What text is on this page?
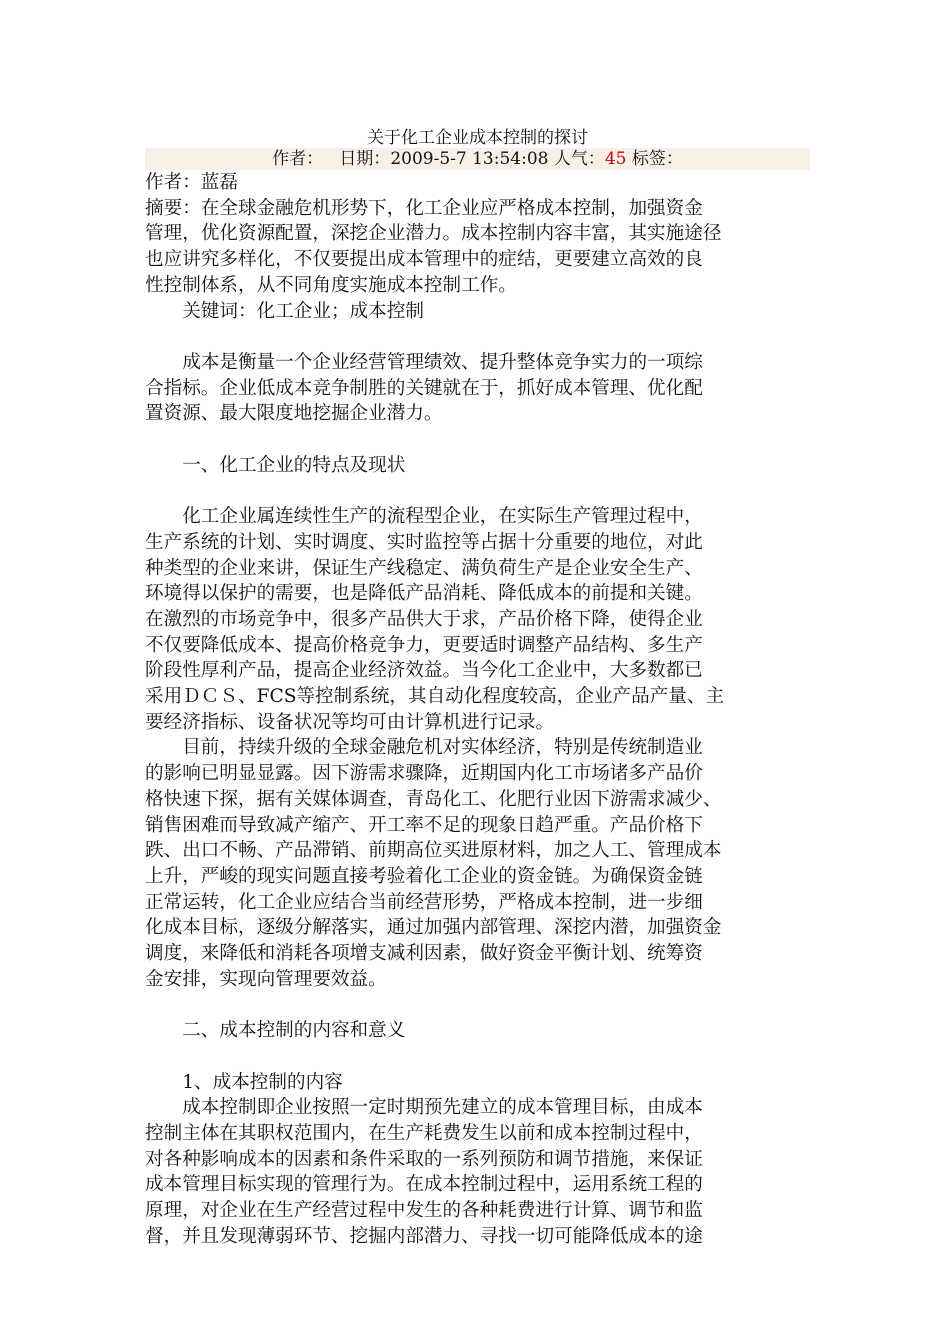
关于化工企业成本控制的探讨
作者： 日期：2009-5-7 13:54:08 人气：45 标签：
作者：蓝磊
摘要：在全球金融危机形势下，化工企业应严格成本控制，加强资金
管理，优化资源配置，深挖企业潜力。成本控制内容丰富，其实施途径
也应讲究多样化，不仅要提出成本管理中的症结，更要建立高效的良
性控制体系，从不同角度实施成本控制工作。
　　关键词：化工企业；成本控制
　　成本是衡量一个企业经营管理绩效、提升整体竞争实力的一项综
合指标。企业低成本竞争制胜的关键就在于，抓好成本管理、优化配
置资源、最大限度地挖掘企业潜力。
　　一、化工企业的特点及现状
　　化工企业属连续性生产的流程型企业，在实际生产管理过程中，
生产系统的计划、实时调度、实时监控等占据十分重要的地位，对此
种类型的企业来讲，保证生产线稳定、满负荷生产是企业安全生产、
环境得以保护的需要，也是降低产品消耗、降低成本的前提和关键。
在激烈的市场竞争中，很多产品供大于求，产品价格下降，使得企业
不仅要降低成本、提高价格竞争力，更要适时调整产品结构、多生产
阶段性厚利产品，提高企业经济效益。当今化工企业中，大多数都已
采用ＤＣＳ、FCS等控制系统，其自动化程度较高，企业产品产量、主
要经济指标、设备状况等均可由计算机进行记录。
　　目前，持续升级的全球金融危机对实体经济，特别是传统制造业
的影响已明显显露。因下游需求骤降，近期国内化工市场诸多产品价
格快速下探，据有关媒体调查，青岛化工、化肥行业因下游需求减少、
销售困难而导致减产缩产、开工率不足的现象日趋严重。产品价格下
跌、出口不畅、产品滞销、前期高位买进原材料，加之人工、管理成本
上升，严峻的现实问题直接考验着化工企业的资金链。为确保资金链
正常运转，化工企业应结合当前经营形势，严格成本控制，进一步细
化成本目标，逐级分解落实，通过加强内部管理、深挖内潜，加强资金
调度，来降低和消耗各项增支减利因素，做好资金平衡计划、统筹资
金安排，实现向管理要效益。
　　二、成本控制的内容和意义
　　1、成本控制的内容
　　成本控制即企业按照一定时期预先建立的成本管理目标，由成本
控制主体在其职权范围内，在生产耗费发生以前和成本控制过程中，
对各种影响成本的因素和条件采取的一系列预防和调节措施，来保证
成本管理目标实现的管理行为。在成本控制过程中，运用系统工程的
原理，对企业在生产经营过程中发生的各种耗费进行计算、调节和监
督，并且发现薄弱环节、挖掘内部潜力、寻找一切可能降低成本的途
